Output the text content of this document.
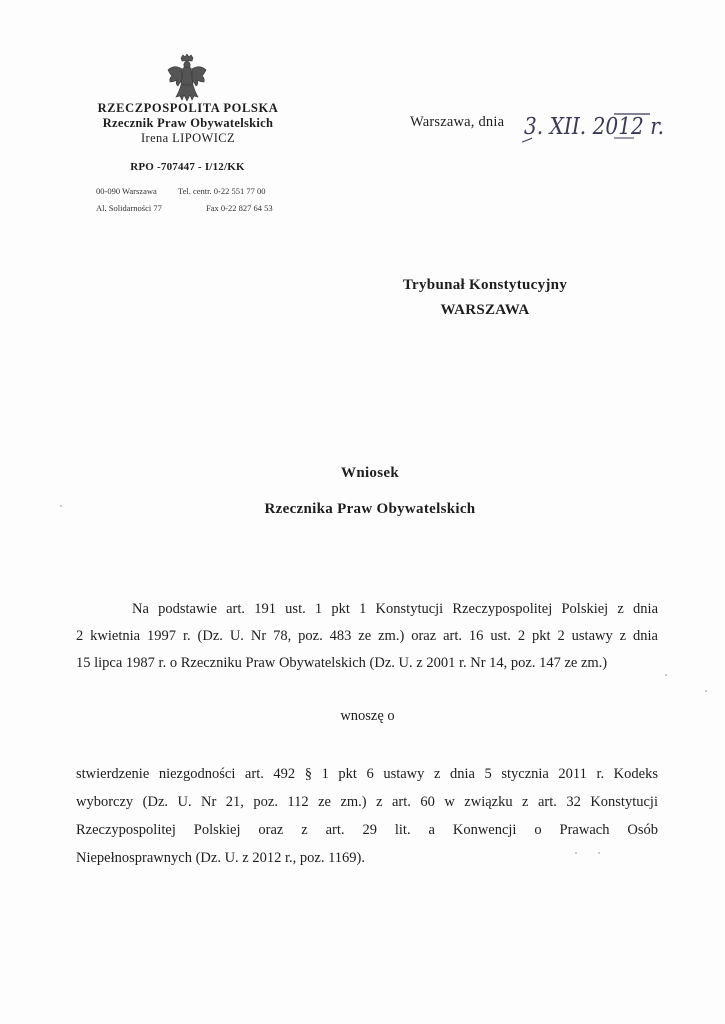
RZECZPOSPOLITA POLSKA
Rzecznik Praw Obywatelskich
Irena LIPOWICZ
RPO -707447 - I/12/KK
00-090 Warszawa
Al. Solidarności 77
Tel. centr. 0-22 551 77 00
Fax 0-22 827 64 53
Warszawa, dnia 3. XII. 2012 r.
Trybunał Konstytucyjny
WARSZAWA
Wniosek
Rzecznika Praw Obywatelskich
Na podstawie art. 191 ust. 1 pkt 1 Konstytucji Rzeczypospolitej Polskiej z dnia
2 kwietnia 1997 r. (Dz. U. Nr 78, poz. 483 ze zm.) oraz art. 16 ust. 2 pkt 2 ustawy z dnia
15 lipca 1987 r. o Rzeczniku Praw Obywatelskich (Dz. U. z 2001 r. Nr 14, poz. 147 ze zm.)
wnoszę o
stwierdzenie niezgodności art. 492 § 1 pkt 6 ustawy z dnia 5 stycznia 2011 r. Kodeks
wyborczy (Dz. U. Nr 21, poz. 112 ze zm.) z art. 60 w związku z art. 32 Konstytucji
Rzeczypospolitej Polskiej oraz z art. 29 lit. a Konwencji o Prawach Osób
Niepełnosprawnych (Dz. U. z 2012 r., poz. 1169).
